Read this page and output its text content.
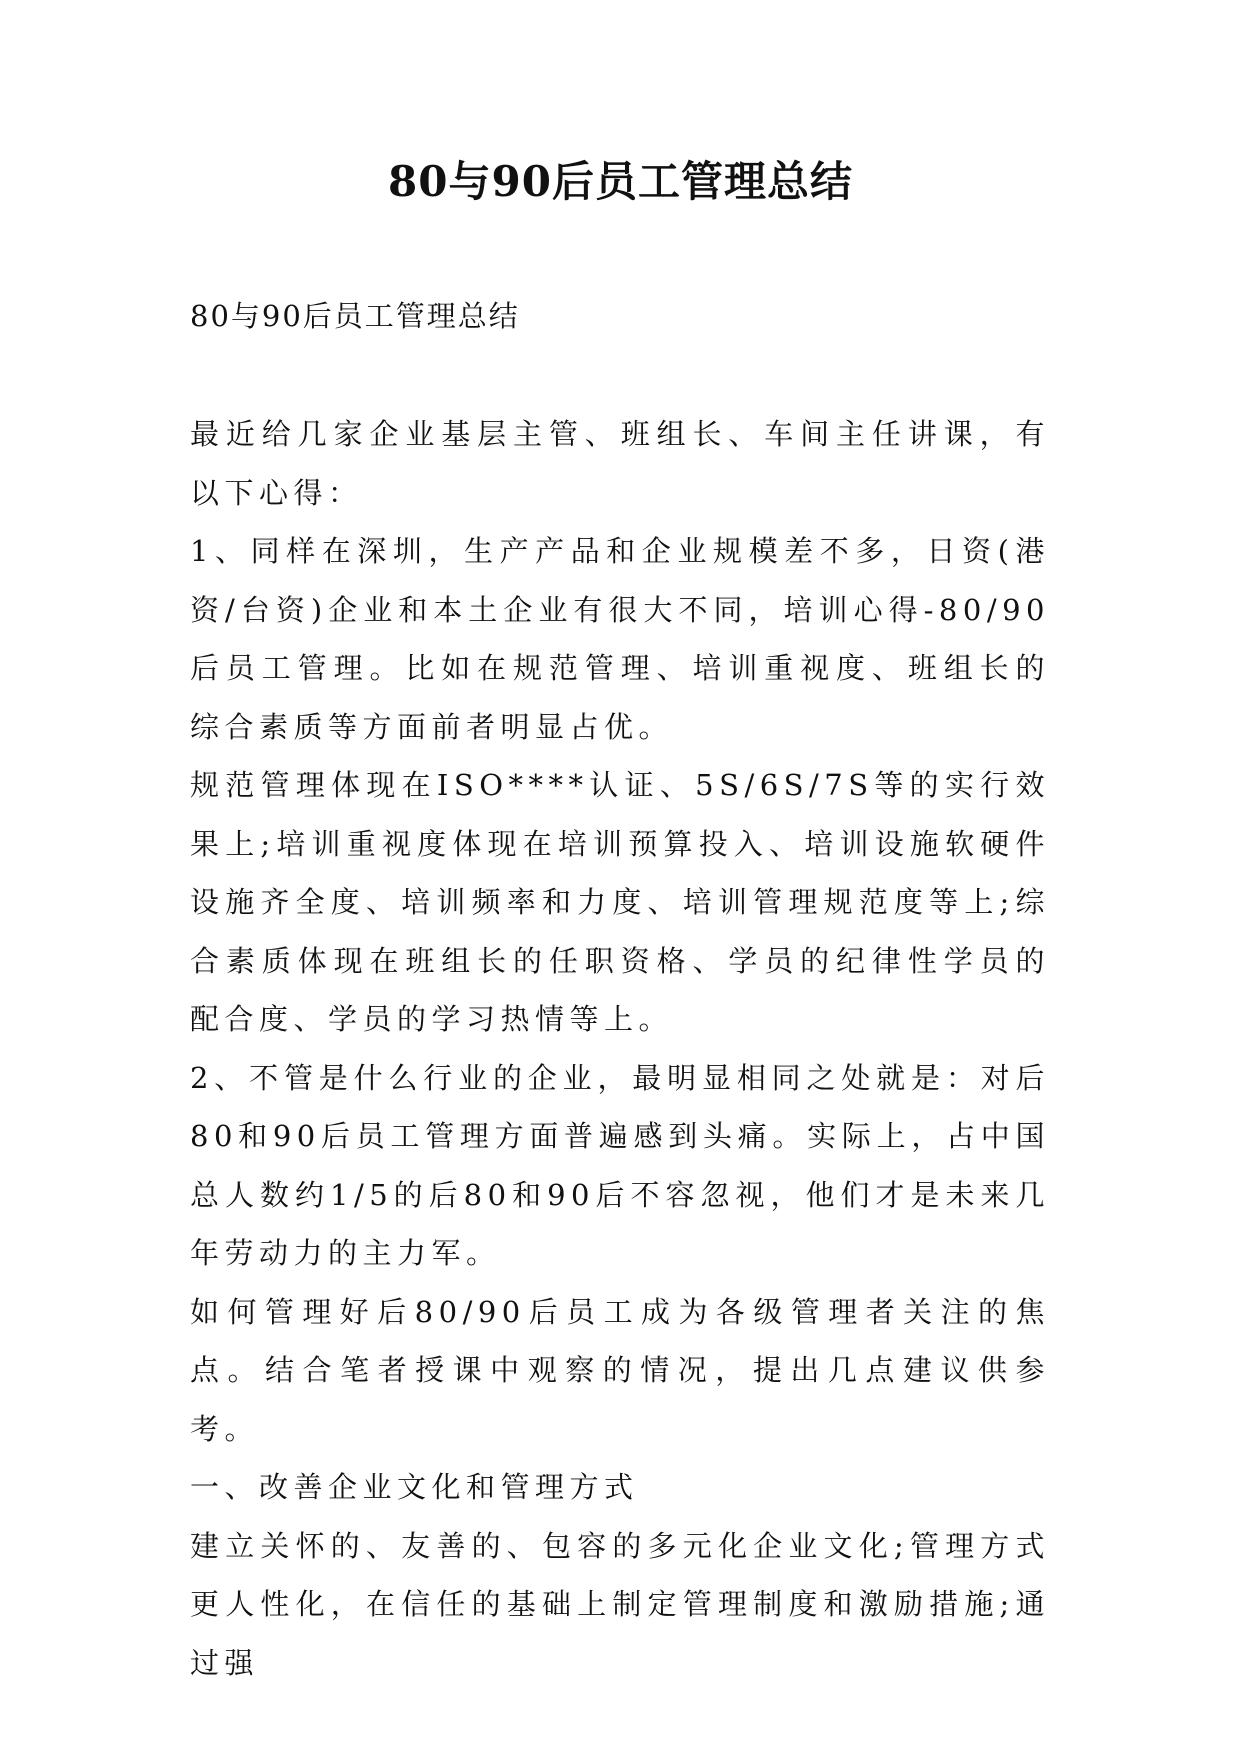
80与90后员工管理总结

80与90后员工管理总结

最近给几家企业基层主管、班组长、车间主任讲课，有以下心得：

1、同样在深圳，生产产品和企业规模差不多，日资(港资/台资)企业和本土企业有很大不同，培训心得-80/90后员工管理。比如在规范管理、培训重视度、班组长的综合素质等方面前者明显占优。

规范管理体现在ISO****认证、5S/6S/7S等的实行效果上;培训重视度体现在培训预算投入、培训设施软硬件设施齐全度、培训频率和力度、培训管理规范度等上;综合素质体现在班组长的任职资格、学员的纪律性学员的配合度、学员的学习热情等上。

2、不管是什么行业的企业，最明显相同之处就是：对后80和90后员工管理方面普遍感到头痛。实际上，占中国总人数约1/5的后80和90后不容忽视，他们才是未来几年劳动力的主力军。

如何管理好后80/90后员工成为各级管理者关注的焦点。结合笔者授课中观察的情况，提出几点建议供参考。

一、改善企业文化和管理方式

建立关怀的、友善的、包容的多元化企业文化;管理方式更人性化，在信任的基础上制定管理制度和激励措施;通过强
